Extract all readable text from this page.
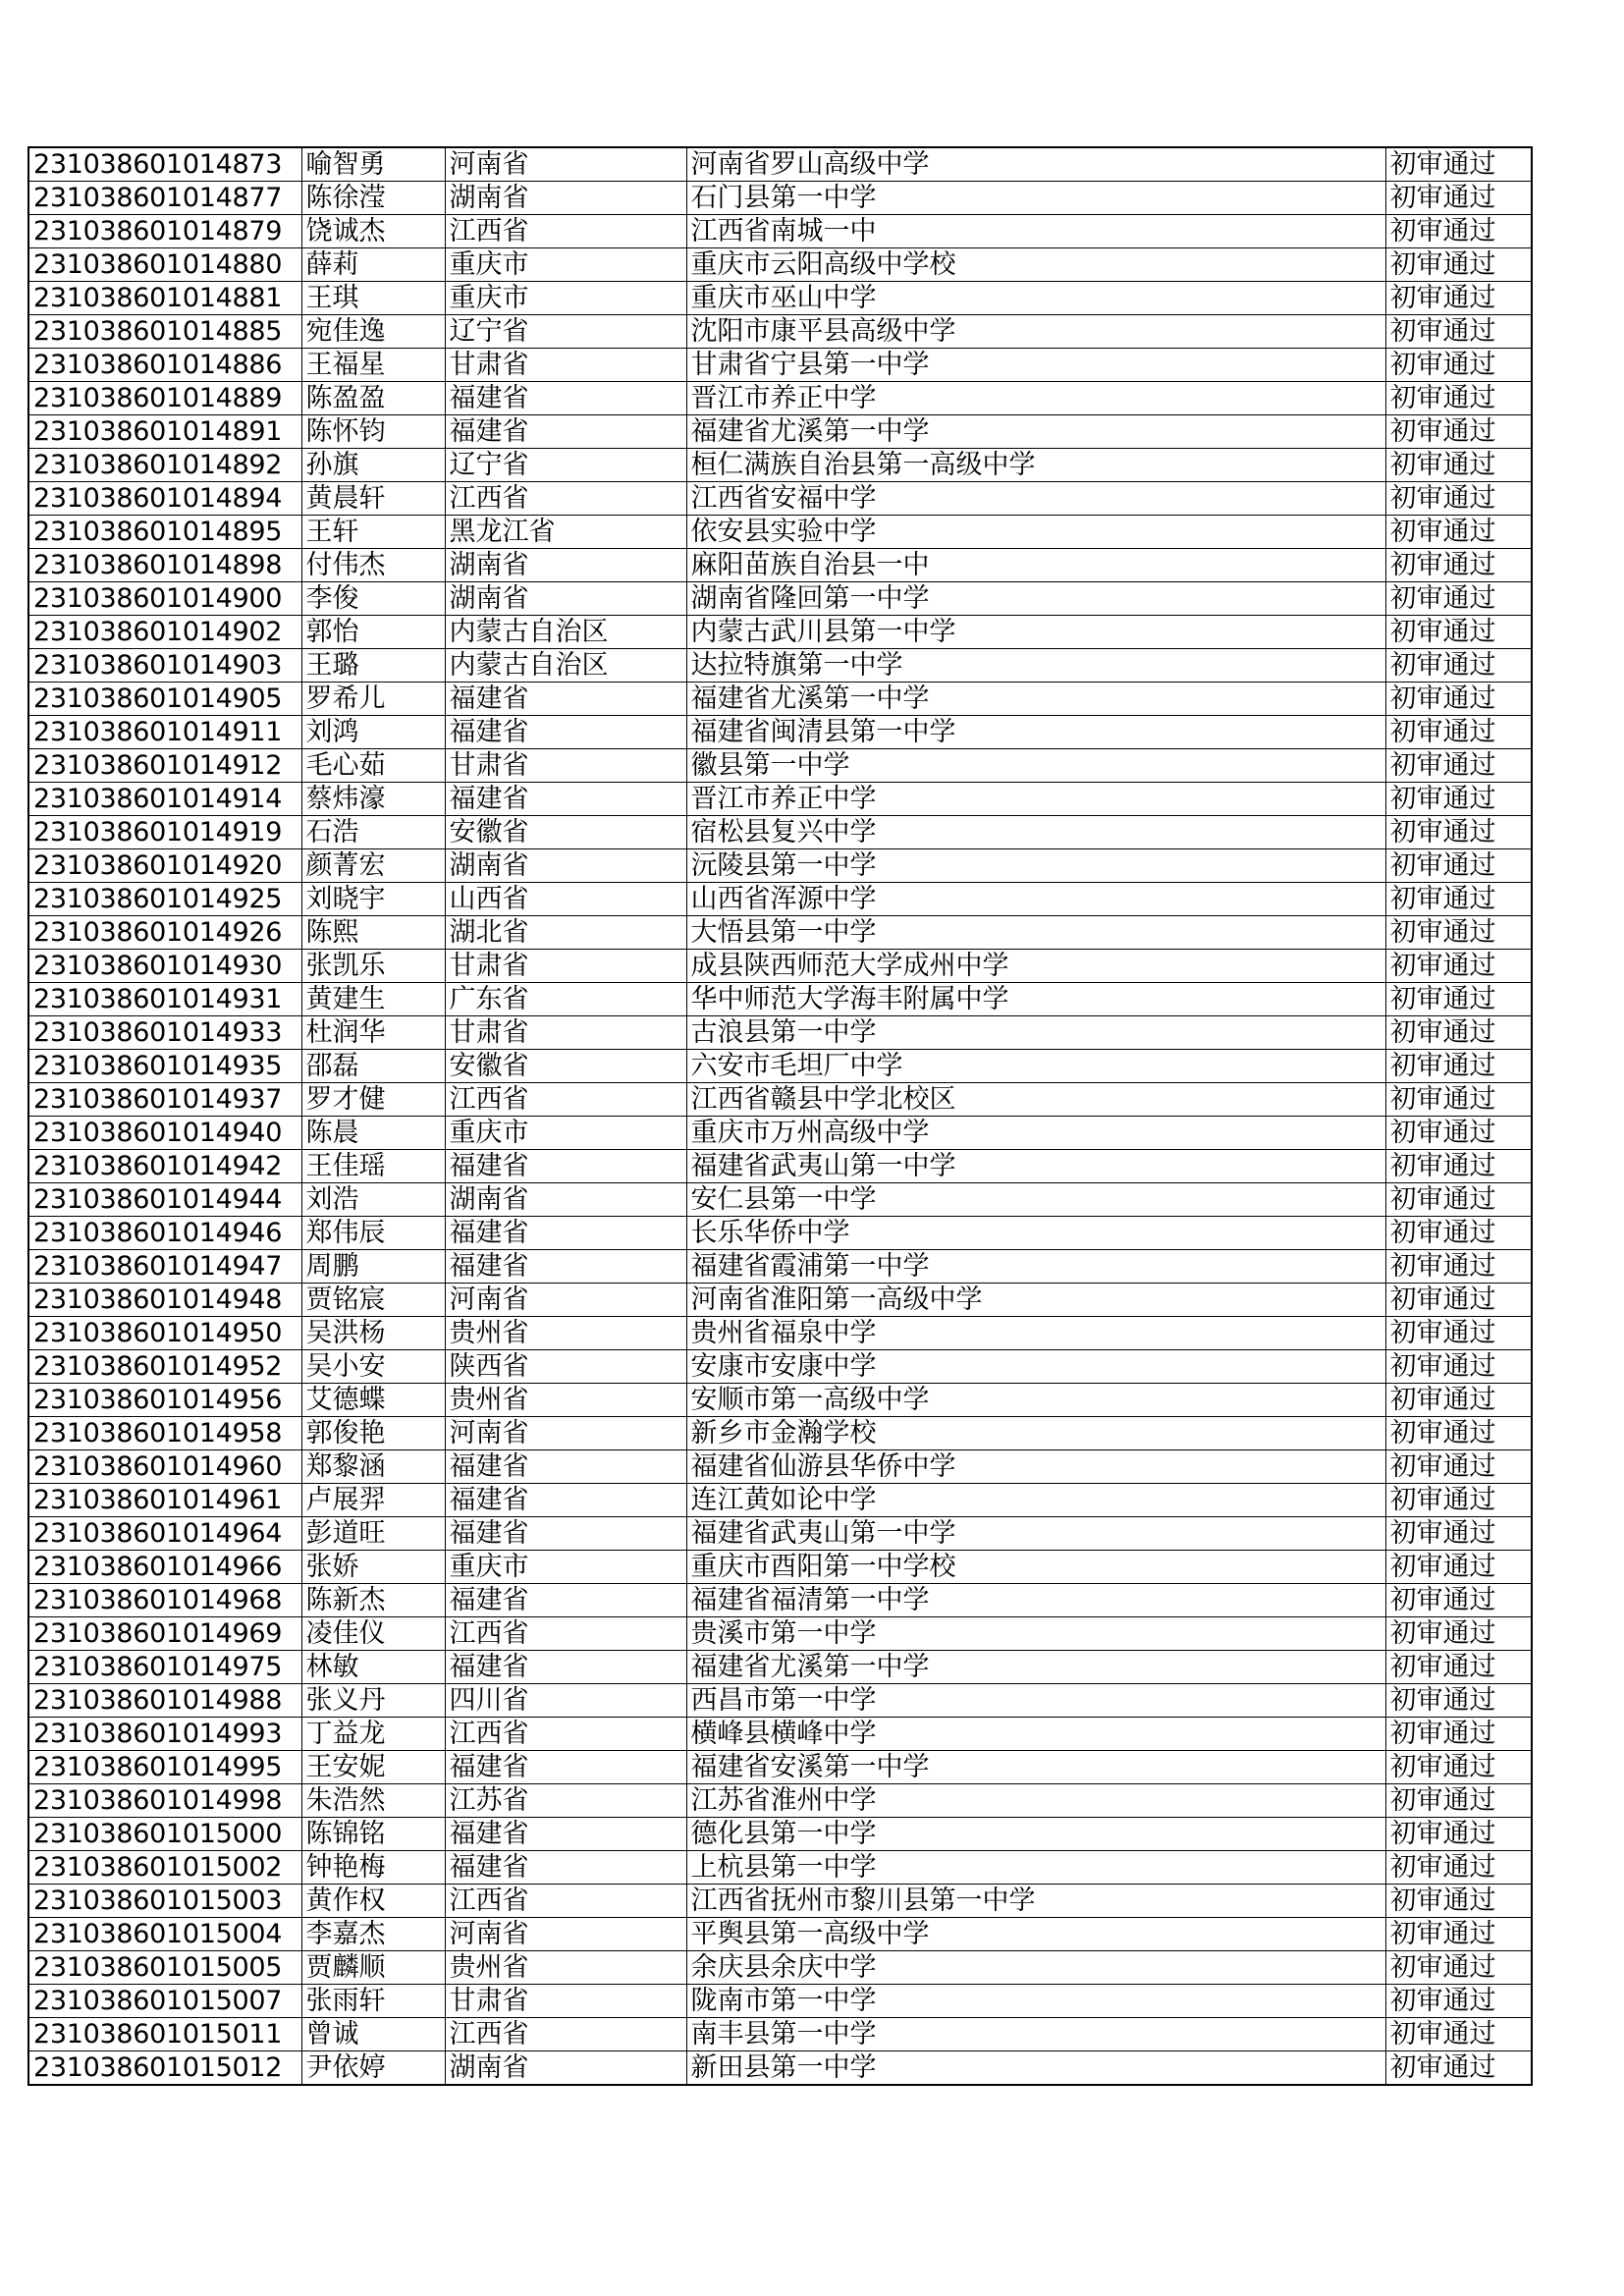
231038601014873	喻智勇	河南省	河南省罗山高级中学	初审通过
231038601014877	陈徐滢	湖南省	石门县第一中学	初审通过
231038601014879	饶诚杰	江西省	江西省南城一中	初审通过
231038601014880	薛莉	重庆市	重庆市云阳高级中学校	初审通过
231038601014881	王琪	重庆市	重庆市巫山中学	初审通过
231038601014885	宛佳逸	辽宁省	沈阳市康平县高级中学	初审通过
231038601014886	王福星	甘肃省	甘肃省宁县第一中学	初审通过
231038601014889	陈盈盈	福建省	晋江市养正中学	初审通过
231038601014891	陈怀钧	福建省	福建省尤溪第一中学	初审通过
231038601014892	孙旗	辽宁省	桓仁满族自治县第一高级中学	初审通过
231038601014894	黄晨轩	江西省	江西省安福中学	初审通过
231038601014895	王轩	黑龙江省	依安县实验中学	初审通过
231038601014898	付伟杰	湖南省	麻阳苗族自治县一中	初审通过
231038601014900	李俊	湖南省	湖南省隆回第一中学	初审通过
231038601014902	郭怡	内蒙古自治区	内蒙古武川县第一中学	初审通过
231038601014903	王璐	内蒙古自治区	达拉特旗第一中学	初审通过
231038601014905	罗希儿	福建省	福建省尤溪第一中学	初审通过
231038601014911	刘鸿	福建省	福建省闽清县第一中学	初审通过
231038601014912	毛心茹	甘肃省	徽县第一中学	初审通过
231038601014914	蔡炜濠	福建省	晋江市养正中学	初审通过
231038601014919	石浩	安徽省	宿松县复兴中学	初审通过
231038601014920	颜菁宏	湖南省	沅陵县第一中学	初审通过
231038601014925	刘晓宇	山西省	山西省浑源中学	初审通过
231038601014926	陈熙	湖北省	大悟县第一中学	初审通过
231038601014930	张凯乐	甘肃省	成县陕西师范大学成州中学	初审通过
231038601014931	黄建生	广东省	华中师范大学海丰附属中学	初审通过
231038601014933	杜润华	甘肃省	古浪县第一中学	初审通过
231038601014935	邵磊	安徽省	六安市毛坦厂中学	初审通过
231038601014937	罗才健	江西省	江西省赣县中学北校区	初审通过
231038601014940	陈晨	重庆市	重庆市万州高级中学	初审通过
231038601014942	王佳瑶	福建省	福建省武夷山第一中学	初审通过
231038601014944	刘浩	湖南省	安仁县第一中学	初审通过
231038601014946	郑伟辰	福建省	长乐华侨中学	初审通过
231038601014947	周鹏	福建省	福建省霞浦第一中学	初审通过
231038601014948	贾铭宸	河南省	河南省淮阳第一高级中学	初审通过
231038601014950	吴洪杨	贵州省	贵州省福泉中学	初审通过
231038601014952	吴小安	陕西省	安康市安康中学	初审通过
231038601014956	艾德蝶	贵州省	安顺市第一高级中学	初审通过
231038601014958	郭俊艳	河南省	新乡市金瀚学校	初审通过
231038601014960	郑黎涵	福建省	福建省仙游县华侨中学	初审通过
231038601014961	卢展羿	福建省	连江黄如论中学	初审通过
231038601014964	彭道旺	福建省	福建省武夷山第一中学	初审通过
231038601014966	张娇	重庆市	重庆市酉阳第一中学校	初审通过
231038601014968	陈新杰	福建省	福建省福清第一中学	初审通过
231038601014969	凌佳仪	江西省	贵溪市第一中学	初审通过
231038601014975	林敏	福建省	福建省尤溪第一中学	初审通过
231038601014988	张义丹	四川省	西昌市第一中学	初审通过
231038601014993	丁益龙	江西省	横峰县横峰中学	初审通过
231038601014995	王安妮	福建省	福建省安溪第一中学	初审通过
231038601014998	朱浩然	江苏省	江苏省淮州中学	初审通过
231038601015000	陈锦铭	福建省	德化县第一中学	初审通过
231038601015002	钟艳梅	福建省	上杭县第一中学	初审通过
231038601015003	黄作权	江西省	江西省抚州市黎川县第一中学	初审通过
231038601015004	李嘉杰	河南省	平舆县第一高级中学	初审通过
231038601015005	贾麟顺	贵州省	余庆县余庆中学	初审通过
231038601015007	张雨轩	甘肃省	陇南市第一中学	初审通过
231038601015011	曾诚	江西省	南丰县第一中学	初审通过
231038601015012	尹依婷	湖南省	新田县第一中学	初审通过
